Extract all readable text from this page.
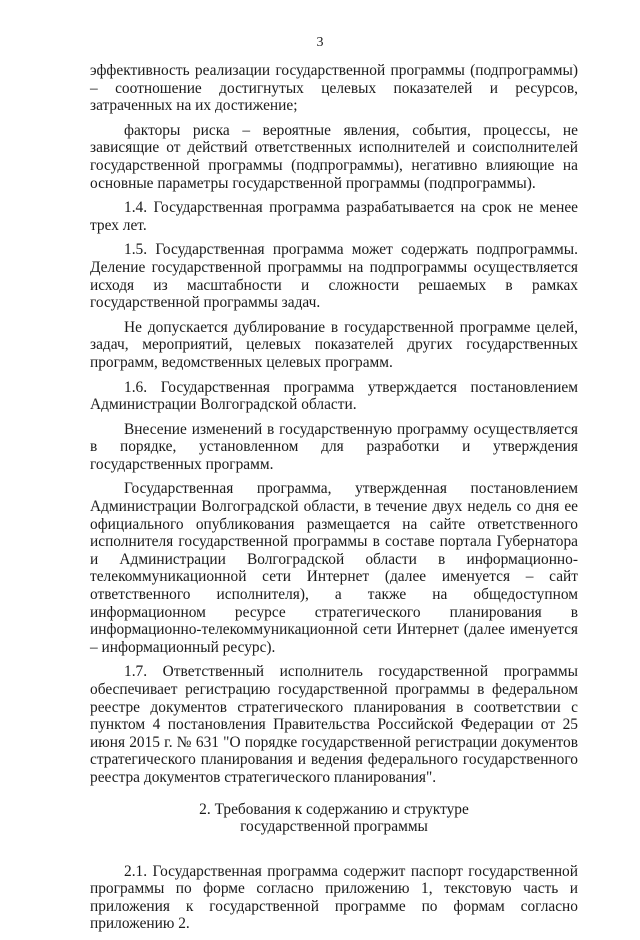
3

эффективность реализации государственной программы (подпрограммы) – соотношение достигнутых целевых показателей и ресурсов, затраченных на их достижение;

факторы риска – вероятные явления, события, процессы, не зависящие от действий ответственных исполнителей и соисполнителей государственной программы (подпрограммы), негативно влияющие на основные параметры государственной программы (подпрограммы).

1.4. Государственная программа разрабатывается на срок не менее трех лет.

1.5. Государственная программа может содержать подпрограммы. Деление государственной программы на подпрограммы осуществляется исходя из масштабности и сложности решаемых в рамках государственной программы задач.

Не допускается дублирование в государственной программе целей, задач, мероприятий, целевых показателей других государственных программ, ведомственных целевых программ.

1.6. Государственная программа утверждается постановлением Администрации Волгоградской области.

Внесение изменений в государственную программу осуществляется в порядке, установленном для разработки и утверждения государственных программ.

Государственная программа, утвержденная постановлением Администрации Волгоградской области, в течение двух недель со дня ее официального опубликования размещается на сайте ответственного исполнителя государственной программы в составе портала Губернатора и Администрации Волгоградской области в информационно-телекоммуникационной сети Интернет (далее именуется – сайт ответственного исполнителя), а также на общедоступном информационном ресурсе стратегического планирования в информационно-телекоммуникационной сети Интернет (далее именуется – информационный ресурс).

1.7. Ответственный исполнитель государственной программы обеспечивает регистрацию государственной программы в федеральном реестре документов стратегического планирования в соответствии с пунктом 4 постановления Правительства Российской Федерации от 25 июня 2015 г. № 631 "О порядке государственной регистрации документов стратегического планирования и ведения федерального государственного реестра документов стратегического планирования".

2. Требования к содержанию и структуре
государственной программы

2.1. Государственная программа содержит паспорт государственной программы по форме согласно приложению 1, текстовую часть и приложения к государственной программе по формам согласно приложению 2.
